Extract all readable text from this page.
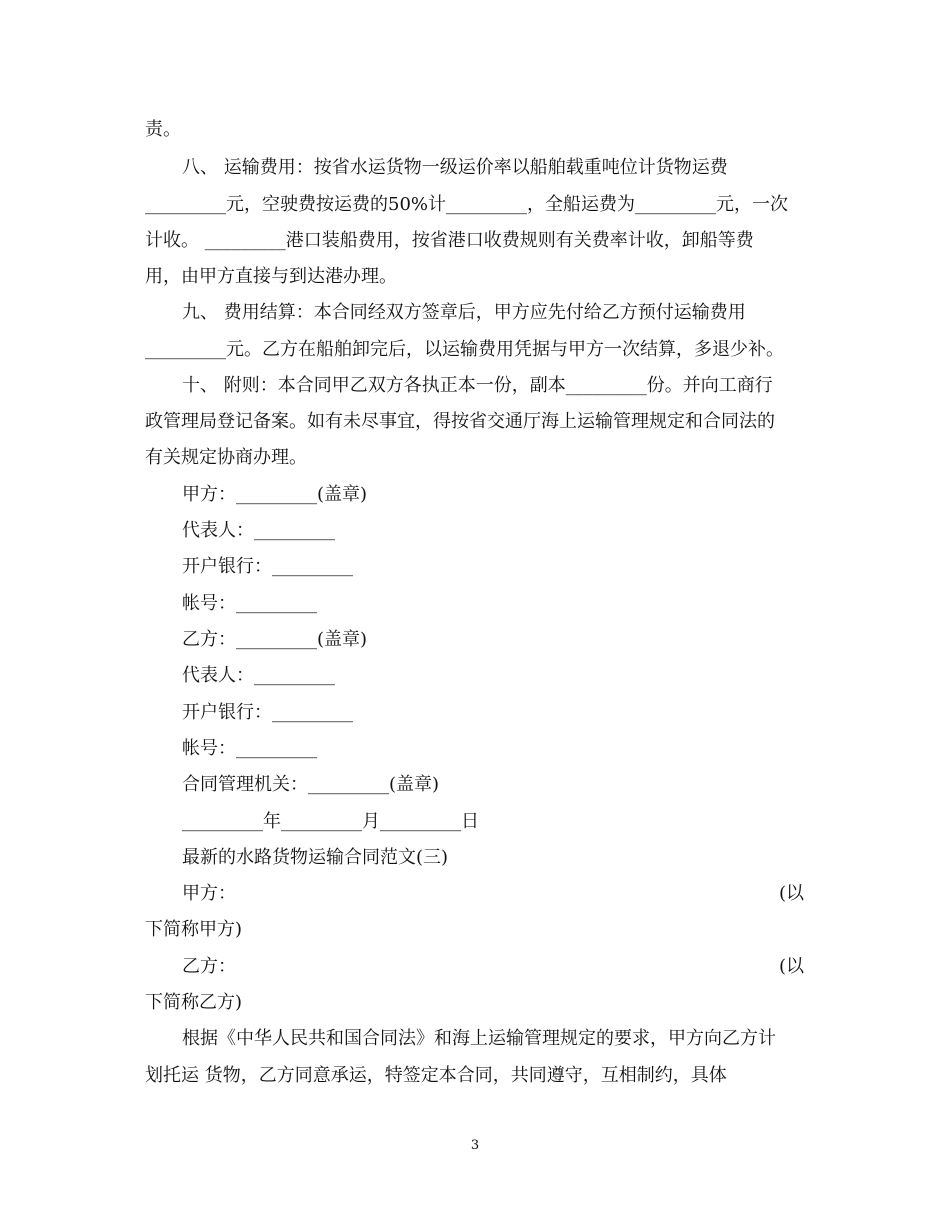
责。
八、 运输费用：按省水运货物一级运价率以船舶载重吨位计货物运费
_________元，空驶费按运费的50%计_________，全船运费为_________元，一次
计收。 _________港口装船费用，按省港口收费规则有关费率计收，卸船等费
用，由甲方直接与到达港办理。
九、 费用结算：本合同经双方签章后，甲方应先付给乙方预付运输费用
_________元。乙方在船舶卸完后，以运输费用凭据与甲方一次结算，多退少补。
十、 附则：本合同甲乙双方各执正本一份，副本_________份。并向工商行
政管理局登记备案。如有未尽事宜，得按省交通厅海上运输管理规定和合同法的
有关规定协商办理。
甲方：_________(盖章)
代表人：_________
开户银行：_________
帐号：_________
乙方：_________(盖章)
代表人：_________
开户银行：_________
帐号：_________
合同管理机关：_________(盖章)
_________年_________月_________日
最新的水路货物运输合同范文(三)
甲方：	(以
下简称甲方)
乙方：	(以
下简称乙方)
根据《中华人民共和国合同法》和海上运输管理规定的要求，甲方向乙方计
划托运 货物，乙方同意承运，特签定本合同，共同遵守，互相制约，具体
3
